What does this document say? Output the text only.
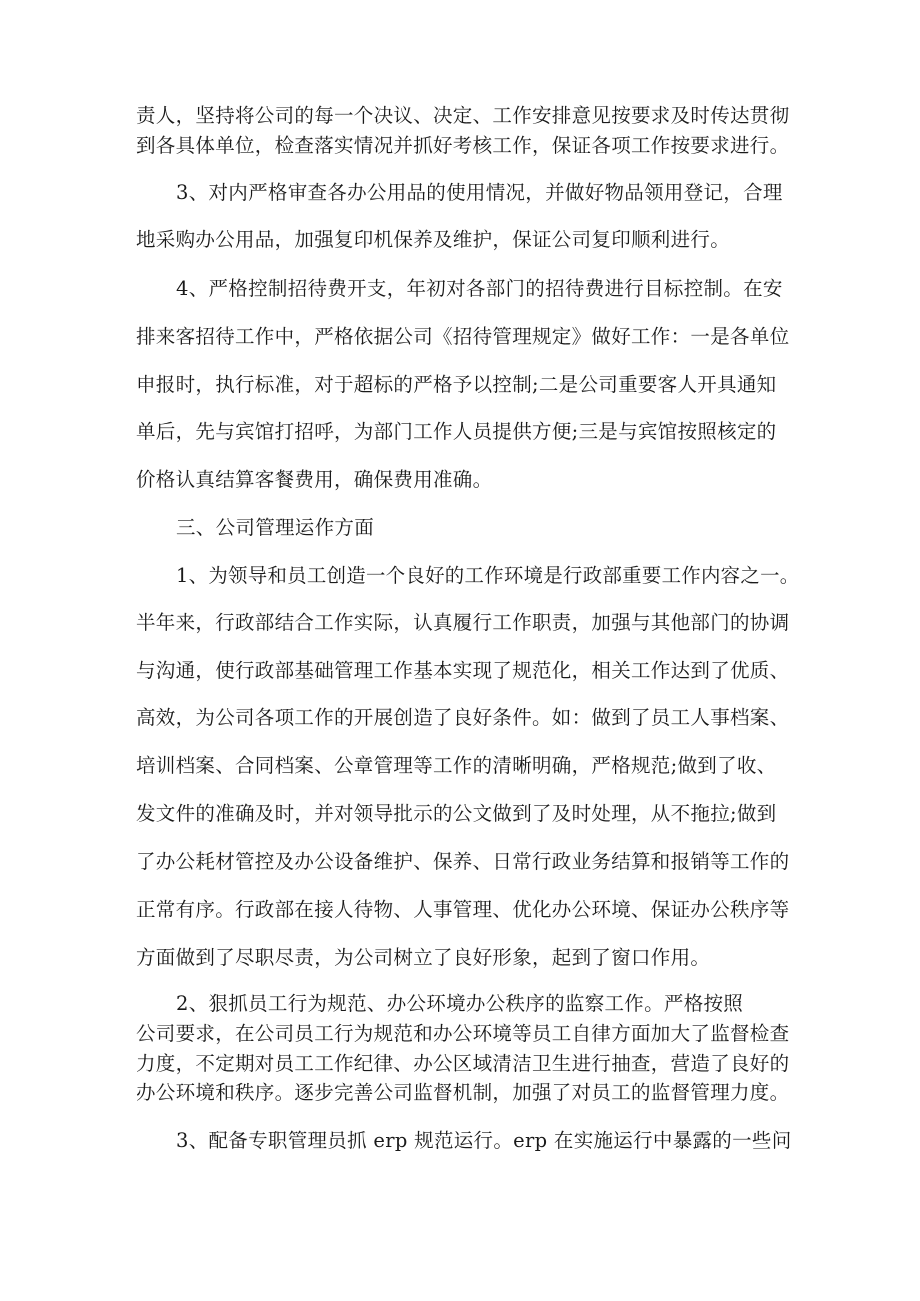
责人，坚持将公司的每一个决议、决定、工作安排意见按要求及时传达贯彻
到各具体单位，检查落实情况并抓好考核工作，保证各项工作按要求进行。
3、对内严格审查各办公用品的使用情况，并做好物品领用登记，合理
地采购办公用品，加强复印机保养及维护，保证公司复印顺利进行。
4、严格控制招待费开支，年初对各部门的招待费进行目标控制。在安
排来客招待工作中，严格依据公司《招待管理规定》做好工作：一是各单位
申报时，执行标准，对于超标的严格予以控制;二是公司重要客人开具通知
单后，先与宾馆打招呼，为部门工作人员提供方便;三是与宾馆按照核定的
价格认真结算客餐费用，确保费用准确。
三、公司管理运作方面
1、为领导和员工创造一个良好的工作环境是行政部重要工作内容之一。
半年来，行政部结合工作实际，认真履行工作职责，加强与其他部门的协调
与沟通，使行政部基础管理工作基本实现了规范化，相关工作达到了优质、
高效，为公司各项工作的开展创造了良好条件。如：做到了员工人事档案、
培训档案、合同档案、公章管理等工作的清晰明确，严格规范;做到了收、
发文件的准确及时，并对领导批示的公文做到了及时处理，从不拖拉;做到
了办公耗材管控及办公设备维护、保养、日常行政业务结算和报销等工作的
正常有序。行政部在接人待物、人事管理、优化办公环境、保证办公秩序等
方面做到了尽职尽责，为公司树立了良好形象，起到了窗口作用。
2、狠抓员工行为规范、办公环境办公秩序的监察工作。严格按照
公司要求，在公司员工行为规范和办公环境等员工自律方面加大了监督检查
力度，不定期对员工工作纪律、办公区域清洁卫生进行抽查，营造了良好的
办公环境和秩序。逐步完善公司监督机制，加强了对员工的监督管理力度。
3、配备专职管理员抓 erp 规范运行。erp 在实施运行中暴露的一些问
